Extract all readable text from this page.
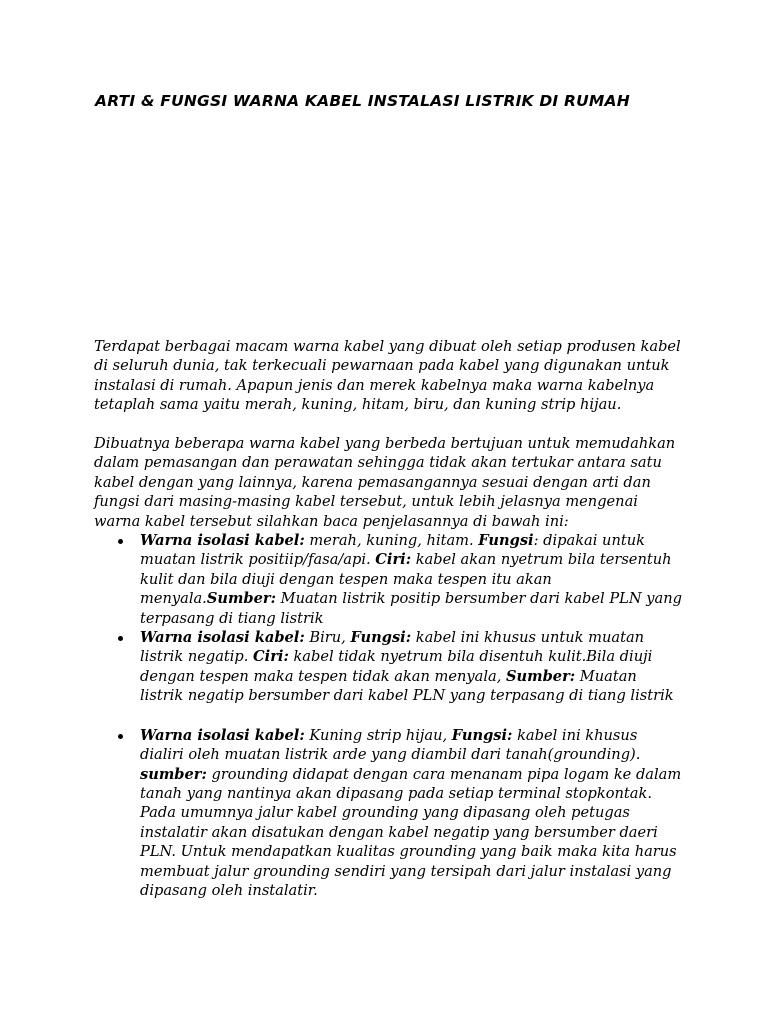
ARTI & FUNGSI WARNA KABEL INSTALASI LISTRIK DI RUMAH

Terdapat berbagai macam warna kabel yang dibuat oleh setiap produsen kabel di seluruh dunia, tak terkecuali pewarnaan pada kabel yang digunakan untuk instalasi di rumah. Apapun jenis dan merek kabelnya maka warna kabelnya tetaplah sama yaitu merah, kuning, hitam, biru, dan kuning strip hijau.

Dibuatnya beberapa warna kabel yang berbeda bertujuan untuk memudahkan dalam pemasangan dan perawatan sehingga tidak akan tertukar antara satu kabel dengan yang lainnya, karena pemasangannya sesuai dengan arti dan fungsi dari masing-masing kabel tersebut, untuk lebih jelasnya mengenai warna kabel tersebut silahkan baca penjelasannya di bawah ini:

Warna isolasi kabel: merah, kuning, hitam. Fungsi: dipakai untuk muatan listrik positiip/fasa/api. Ciri: kabel akan nyetrum bila tersentuh kulit dan bila diuji dengan tespen maka tespen itu akan menyala.Sumber: Muatan listrik positip bersumber dari kabel PLN yang terpasang di tiang listrik
Warna isolasi kabel: Biru, Fungsi: kabel ini khusus untuk muatan listrik negatip. Ciri: kabel tidak nyetrum bila disentuh kulit.Bila diuji dengan tespen maka tespen tidak akan menyala, Sumber: Muatan listrik negatip bersumber dari kabel PLN yang terpasang di tiang listrik
Warna isolasi kabel: Kuning strip hijau, Fungsi: kabel ini khusus dialiri oleh muatan listrik arde yang diambil dari tanah(grounding). sumber: grounding didapat dengan cara menanam pipa logam ke dalam tanah yang nantinya akan dipasang pada setiap terminal stopkontak. Pada umumnya jalur kabel grounding yang dipasang oleh petugas instalatir akan disatukan dengan kabel negatip yang bersumber daeri PLN. Untuk mendapatkan kualitas grounding yang baik maka kita harus membuat jalur grounding sendiri yang tersipah dari jalur instalasi yang dipasang oleh instalatir.
